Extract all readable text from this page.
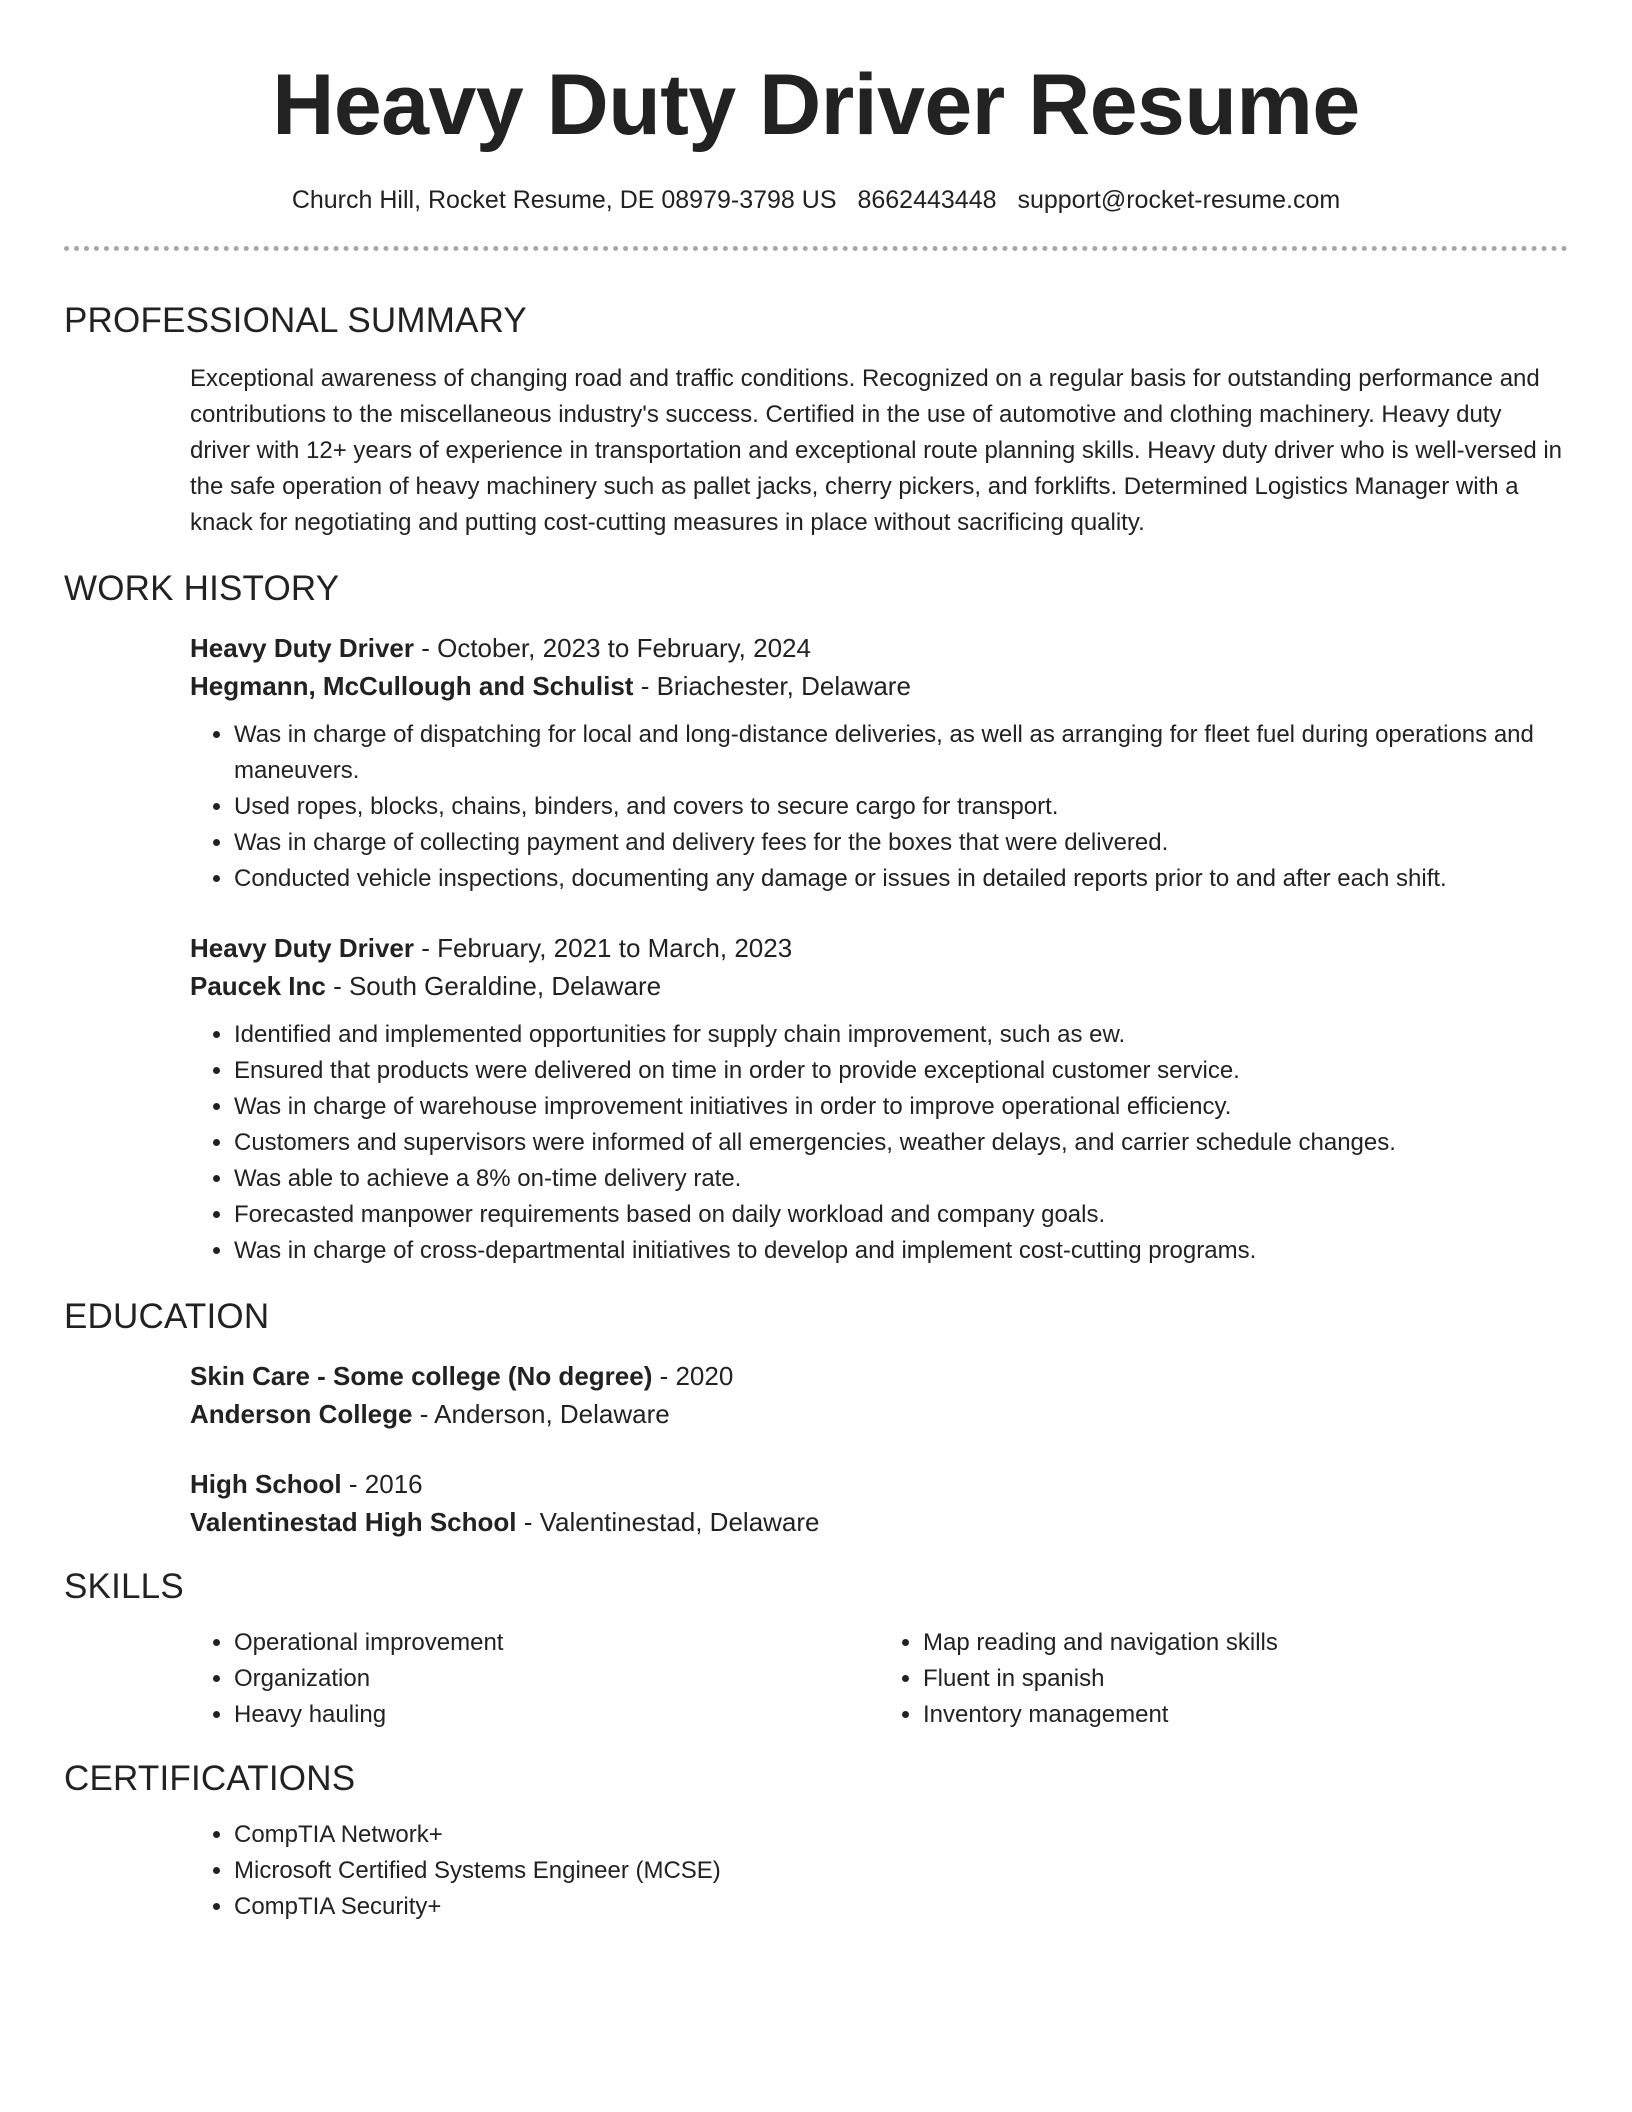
Heavy Duty Driver Resume
Church Hill, Rocket Resume, DE 08979-3798 US 8662443448 support@rocket-resume.com
PROFESSIONAL SUMMARY
Exceptional awareness of changing road and traffic conditions. Recognized on a regular basis for outstanding performance and contributions to the miscellaneous industry's success. Certified in the use of automotive and clothing machinery. Heavy duty driver with 12+ years of experience in transportation and exceptional route planning skills. Heavy duty driver who is well-versed in the safe operation of heavy machinery such as pallet jacks, cherry pickers, and forklifts. Determined Logistics Manager with a knack for negotiating and putting cost-cutting measures in place without sacrificing quality.
WORK HISTORY
Heavy Duty Driver - October, 2023 to February, 2024
Hegmann, McCullough and Schulist - Briachester, Delaware
• Was in charge of dispatching for local and long-distance deliveries, as well as arranging for fleet fuel during operations and maneuvers.
• Used ropes, blocks, chains, binders, and covers to secure cargo for transport.
• Was in charge of collecting payment and delivery fees for the boxes that were delivered.
• Conducted vehicle inspections, documenting any damage or issues in detailed reports prior to and after each shift.
Heavy Duty Driver - February, 2021 to March, 2023
Paucek Inc - South Geraldine, Delaware
• Identified and implemented opportunities for supply chain improvement, such as ew.
• Ensured that products were delivered on time in order to provide exceptional customer service.
• Was in charge of warehouse improvement initiatives in order to improve operational efficiency.
• Customers and supervisors were informed of all emergencies, weather delays, and carrier schedule changes.
• Was able to achieve a 8% on-time delivery rate.
• Forecasted manpower requirements based on daily workload and company goals.
• Was in charge of cross-departmental initiatives to develop and implement cost-cutting programs.
EDUCATION
Skin Care - Some college (No degree) - 2020
Anderson College - Anderson, Delaware
High School - 2016
Valentinestad High School - Valentinestad, Delaware
SKILLS
• Operational improvement
• Organization
• Heavy hauling
• Map reading and navigation skills
• Fluent in spanish
• Inventory management
CERTIFICATIONS
• CompTIA Network+
• Microsoft Certified Systems Engineer (MCSE)
• CompTIA Security+
